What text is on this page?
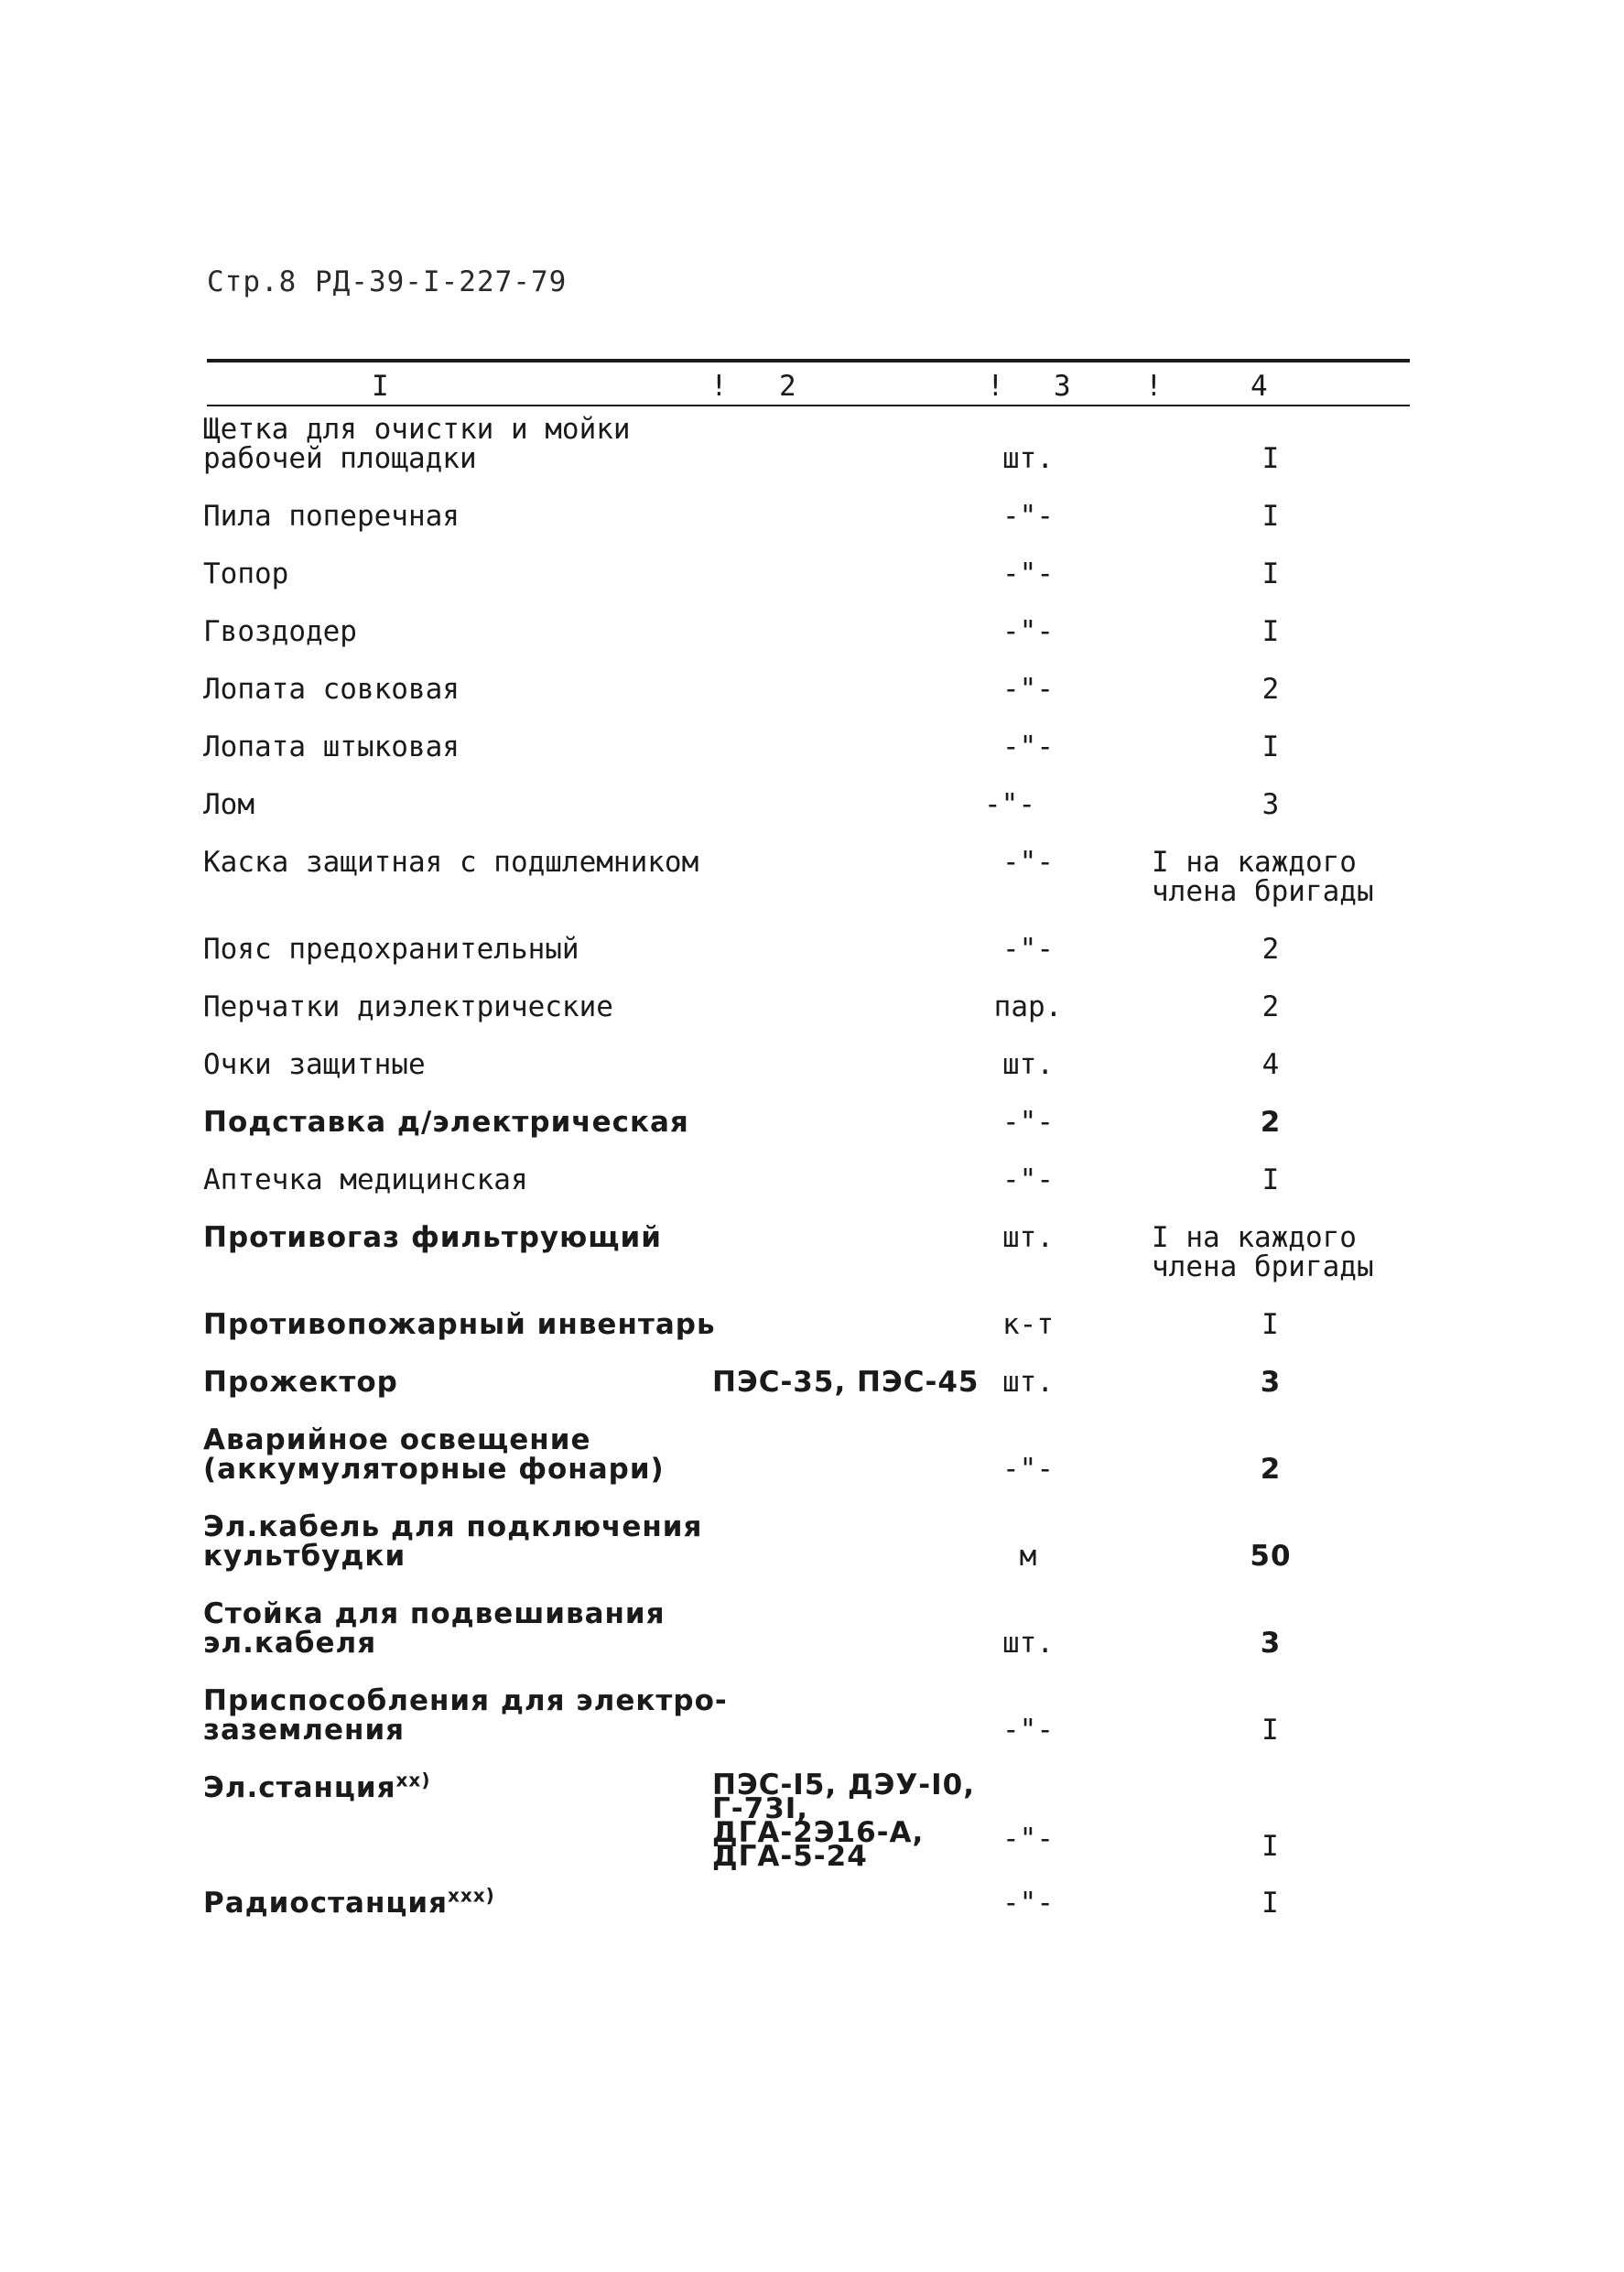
Стр.8 РД-39-I-227-79
I	! 2	! 3	!	4
Щетка для очистки и мойки
рабочей площадки	шт.	I
Пила поперечная	-"-	I
Топор	-"-	I
Гвоздодер	-"-	I
Лопата совковая	-"-	2
Лопата штыковая	-"-	I
Лом	-"-	3
Каска защитная с подшлемником	-"-	I на каждого
члена бригады
Пояс предохранительный	-"-	2
Перчатки диэлектрические	пар.	2
Очки защитные	шт.	4
Подставка д/электрическая	-"-	2
Аптечка медицинская	-"-	I
Противогаз фильтрующий	шт.	I на каждого
члена бригады
Противопожарный инвентарь	к-т	I
Прожектор	ПЭС-35, ПЭС-45 шт.	3
Аварийное освещение
(аккумуляторные фонари)	-"-	2
Эл.кабель для подключения
культбудки	м	50
Стойка для подвешивания
эл.кабеля	шт.	3
Приспособления для электро-
заземления	-"-	I
Эл.станция$^{xx)}$	ПЭС-I5, ДЭУ-I0,
Г-73I, ДГА-2Э16-А,
ДГА-5-24
-"-	I
Радиостанция$^{xxx)}$	-"-	I
